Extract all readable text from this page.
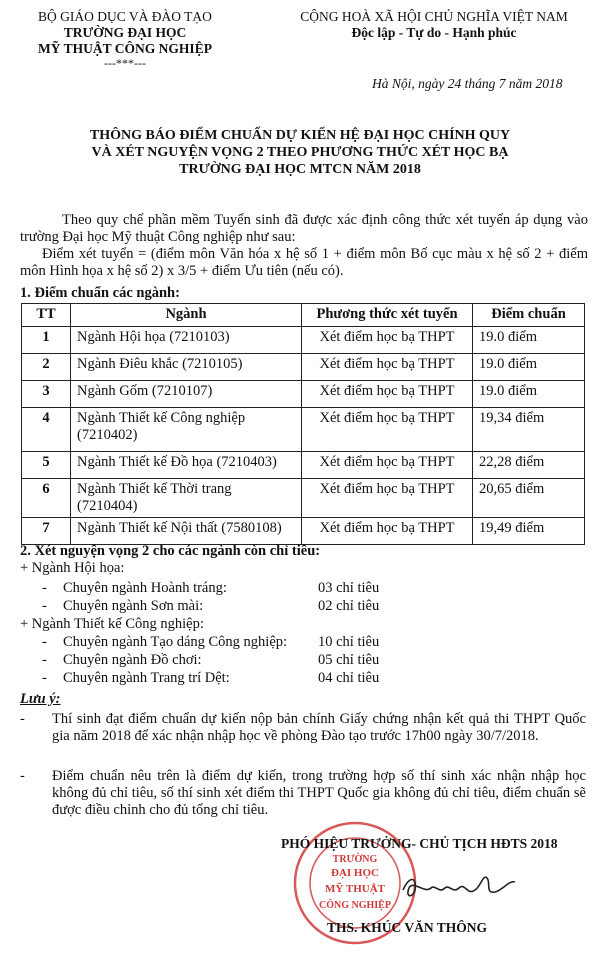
BỘ GIÁO DỤC VÀ ĐÀO TẠO
TRƯỜNG ĐẠI HỌC
MỸ THUẬT CÔNG NGHIỆP
---***---
CỘNG HOÀ XÃ HỘI CHỦ NGHĨA VIỆT NAM
Độc lập - Tự do - Hạnh phúc
Hà Nội, ngày 24 tháng 7 năm 2018
THÔNG BÁO ĐIỂM CHUẨN DỰ KIẾN HỆ ĐẠI HỌC CHÍNH QUY
VÀ XÉT NGUYỆN VỌNG 2 THEO PHƯƠNG THỨC XÉT HỌC BẠ
TRƯỜNG ĐẠI HỌC MTCN NĂM 2018
Theo quy chế phần mềm Tuyển sinh đã được xác định công thức xét tuyển áp dụng vào trường Đại học Mỹ thuật Công nghiệp như sau:
Điểm xét tuyển = (điểm môn Văn hóa x hệ số 1 + điểm môn Bố cục màu x hệ số 2 + điểm môn Hình họa x hệ số 2) x 3/5 + điểm Ưu tiên (nếu có).
1. Điểm chuẩn các ngành:
TT	Ngành	Phương thức xét tuyển	Điểm chuẩn
1	Ngành Hội họa (7210103)	Xét điểm học bạ THPT	19.0 điểm
2	Ngành Điêu khắc (7210105)	Xét điểm học bạ THPT	19.0 điểm
3	Ngành Gốm (7210107)	Xét điểm học bạ THPT	19.0 điểm
4	Ngành Thiết kế Công nghiệp (7210402)	Xét điểm học bạ THPT	19,34 điểm
5	Ngành Thiết kế Đồ họa (7210403)	Xét điểm học bạ THPT	22,28 điểm
6	Ngành Thiết kế Thời trang (7210404)	Xét điểm học bạ THPT	20,65 điểm
7	Ngành Thiết kế Nội thất (7580108)	Xét điểm học bạ THPT	19,49 điểm
2. Xét nguyện vọng 2 cho các ngành còn chỉ tiêu:
+ Ngành Hội họa:
- Chuyên ngành Hoành tráng:	03 chỉ tiêu
- Chuyên ngành Sơn mài:	02 chỉ tiêu
+ Ngành Thiết kế Công nghiệp:
- Chuyên ngành Tạo dáng Công nghiệp: 10 chỉ tiêu
- Chuyên ngành Đồ chơi:	05 chỉ tiêu
- Chuyên ngành Trang trí Dệt:	04 chỉ tiêu
Lưu ý:
- Thí sinh đạt điểm chuẩn dự kiến nộp bản chính Giấy chứng nhận kết quả thi THPT Quốc gia năm 2018 để xác nhận nhập học về phòng Đào tạo trước 17h00 ngày 30/7/2018.
- Điểm chuẩn nêu trên là điểm dự kiến, trong trường hợp số thí sinh xác nhận nhập học không đủ chỉ tiêu, số thí sinh xét điểm thi THPT Quốc gia không đủ chỉ tiêu, điểm chuẩn sẽ được điều chỉnh cho đủ tổng chỉ tiêu.
TRƯỜNG
ĐẠI HỌC
MỸ THUẬT
CÔNG NGHIỆP
PHÓ HIỆU TRƯỞNG- CHỦ TỊCH HĐTS 2018
THS. KHÚC VĂN THÔNG
